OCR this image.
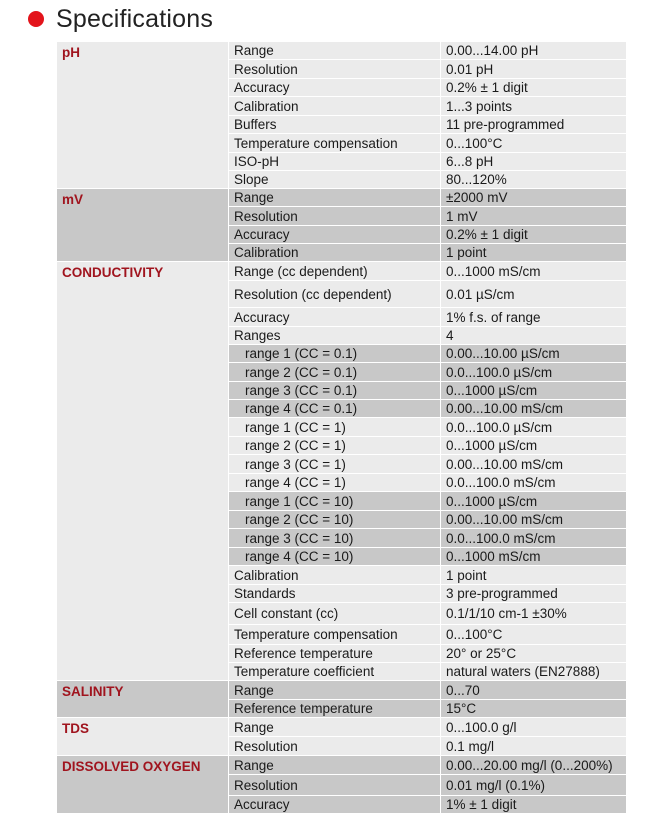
Specifications
pH	Range	0.00...14.00 pH
	Resolution	0.01 pH
	Accuracy	0.2% ± 1 digit
	Calibration	1...3 points
	Buffers	11 pre-programmed
	Temperature compensation	0...100°C
	ISO-pH	6...8 pH
	Slope	80...120%
mV	Range	±2000 mV
	Resolution	1 mV
	Accuracy	0.2% ± 1 digit
	Calibration	1 point
CONDUCTIVITY	Range (cc dependent)	0...1000 mS/cm
	Resolution (cc dependent)	0.01 µS/cm
	Accuracy	1% f.s. of range
	Ranges	4
	range 1 (CC = 0.1)	0.00...10.00 µS/cm
	range 2 (CC = 0.1)	0.0...100.0 µS/cm
	range 3 (CC = 0.1)	0...1000 µS/cm
	range 4 (CC = 0.1)	0.00...10.00 mS/cm
	range 1 (CC = 1)	0.0...100.0 µS/cm
	range 2 (CC = 1)	0...1000 µS/cm
	range 3 (CC = 1)	0.00...10.00 mS/cm
	range 4 (CC = 1)	0.0...100.0 mS/cm
	range 1 (CC = 10)	0...1000 µS/cm
	range 2 (CC = 10)	0.00...10.00 mS/cm
	range 3 (CC = 10)	0.0...100.0 mS/cm
	range 4 (CC = 10)	0...1000 mS/cm
	Calibration	1 point
	Standards	3 pre-programmed
	Cell constant (cc)	0.1/1/10 cm-1 ±30%
	Temperature compensation	0...100°C
	Reference temperature	20° or 25°C
	Temperature coefficient	natural waters (EN27888)
SALINITY	Range	0...70
	Reference temperature	15°C
TDS	Range	0...100.0 g/l
	Resolution	0.1 mg/l
DISSOLVED OXYGEN	Range	0.00...20.00 mg/l (0...200%)
	Resolution	0.01 mg/l (0.1%)
	Accuracy	1% ± 1 digit
